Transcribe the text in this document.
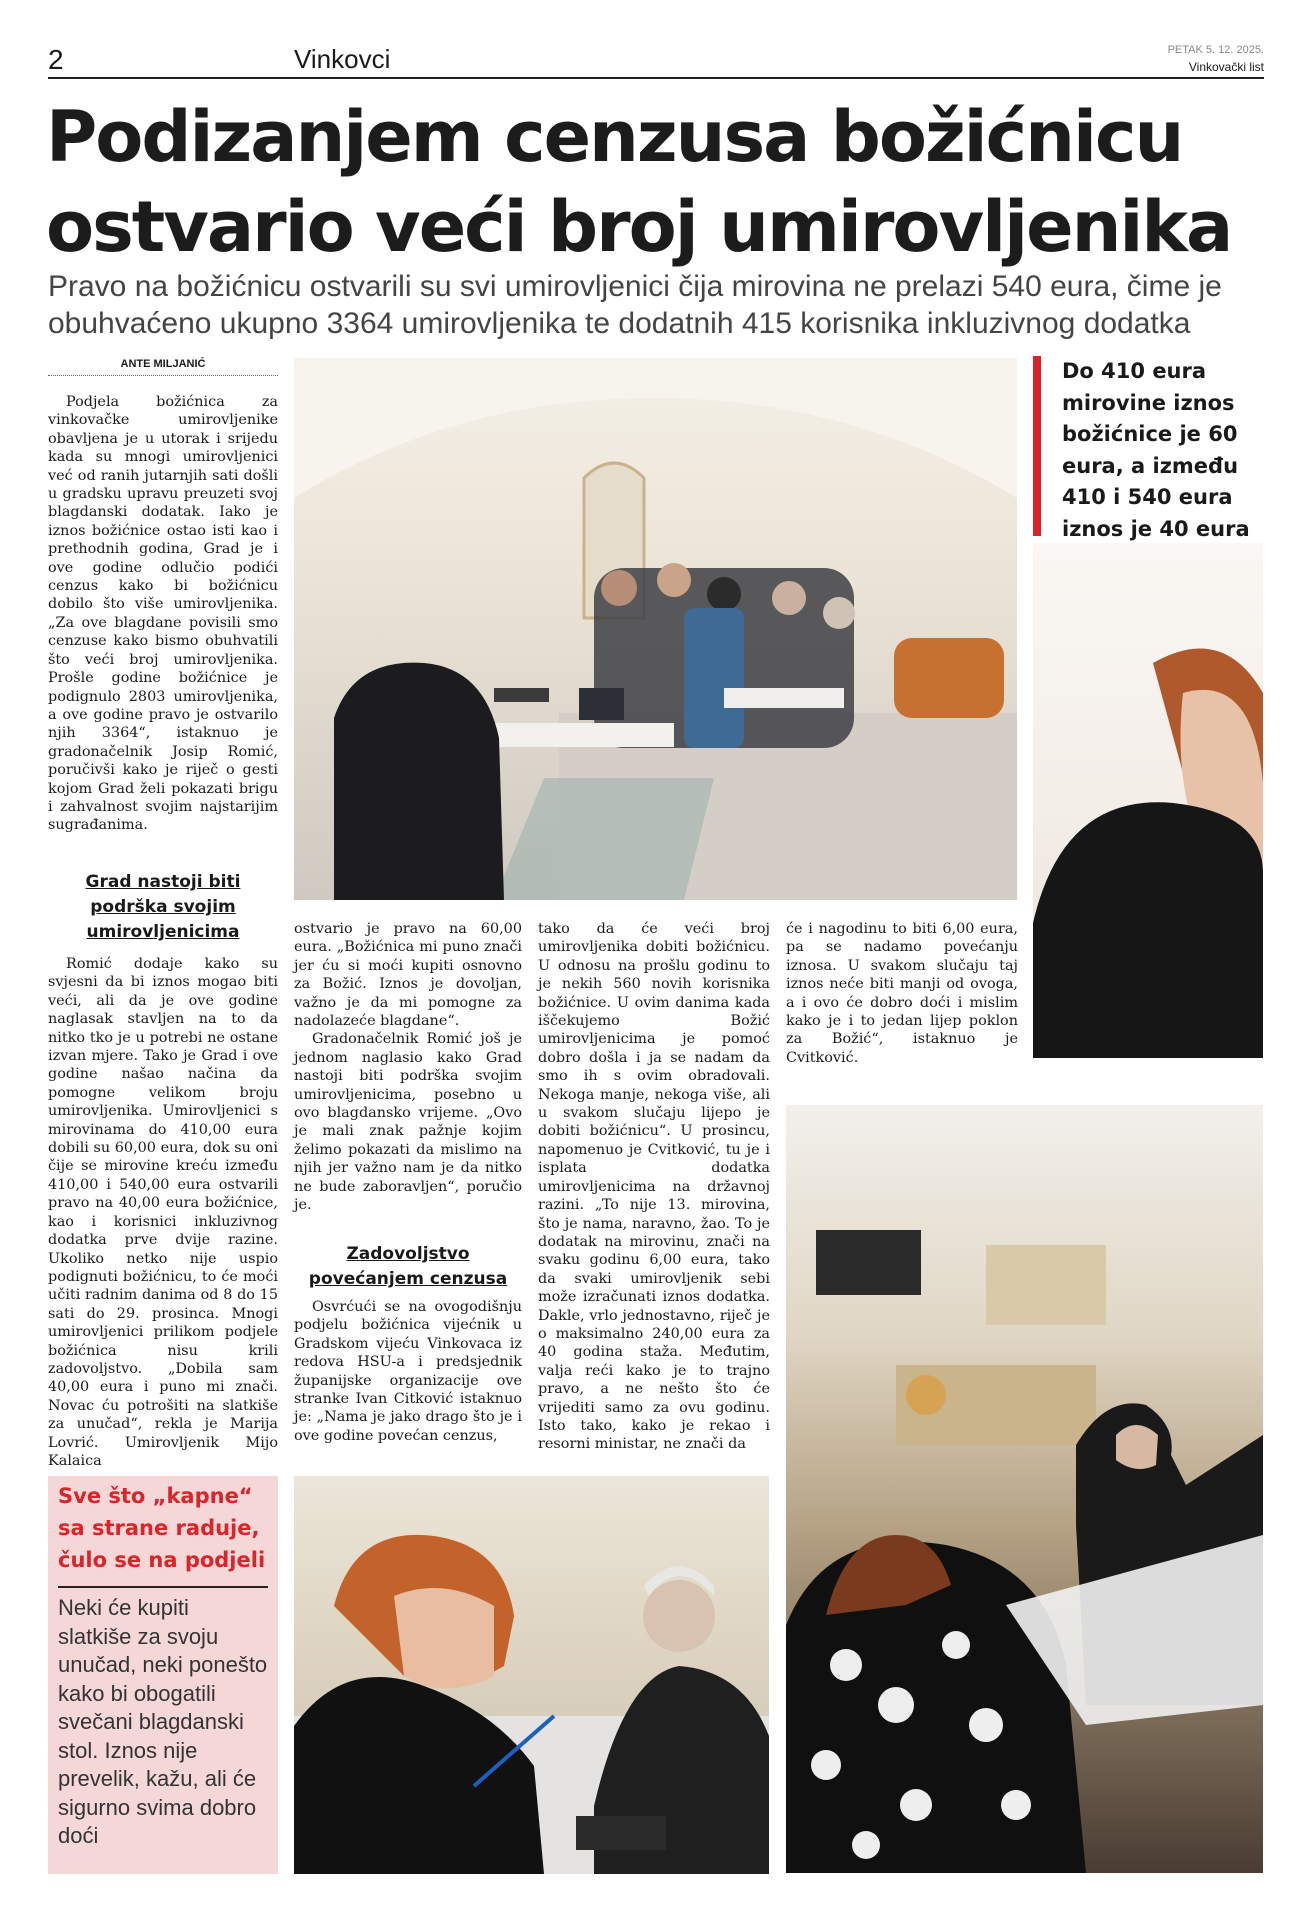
2	Vinkovci	PETAK 5. 12. 2025.
Vinkovački list
Podizanjem cenzusa božićnicu
ostvario veći broj umirovljenika

Pravo na božićnicu ostvarili su svi umirovljenici čija mirovina ne prelazi 540 eura, čime je obuhvaćeno ukupno 3364 umirovljenika te dodatnih 415 korisnika inkluzivnog dodatka

ANTE MILJANIĆ

Podjela božićnica za vinkovačke umirovljenike obavljena je u utorak i srijedu kada su mnogi umirovljenici već od ranih jutarnjih sati došli u gradsku upravu preuzeti svoj blagdanski dodatak. Iako je iznos božićnice ostao isti kao i prethodnih godina, Grad je i ove godine odlučio podići cenzus kako bi božićnicu dobilo što više umirovljenika. „Za ove blagdane povisili smo cenzuse kako bismo obuhvatili što veći broj umirovljenika. Prošle godine božićnice je podignulo 2803 umirovljenika, a ove godine pravo je ostvarilo njih 3364“, istaknuo je gradonačelnik Josip Romić, poručivši kako je riječ o gesti kojom Grad želi pokazati brigu i zahvalnost svojim najstarijim sugrađanima.

Grad nastoji biti podrška svojim umirovljenicima

Romić dodaje kako su svjesni da bi iznos mogao biti veći, ali da je ove godine naglasak stavljen na to da nitko tko je u potrebi ne ostane izvan mjere. Tako je Grad i ove godine našao načina da pomogne velikom broju umirovljenika. Umirovljenici s mirovinama do 410,00 eura dobili su 60,00 eura, dok su oni čije se mirovine kreću između 410,00 i 540,00 eura ostvarili pravo na 40,00 eura božićnice, kao i korisnici inkluzivnog dodatka prve dvije razine. Ukoliko netko nije uspio podignuti božićnicu, to će moći učiti radnim danima od 8 do 15 sati do 29. prosinca. Mnogi umirovljenici prilikom podjele božićnica nisu krili zadovoljstvo. „Dobila sam 40,00 eura i puno mi znači. Novac ću potrošiti na slatkiše za unučad“, rekla je Marija Lovrić. Umirovljenik Mijo Kalaica

ostvario je pravo na 60,00 eura. „Božićnica mi puno znači jer ću si moći kupiti osnovno za Božić. Iznos je dovoljan, važno je da mi pomogne za nadolazeće blagdane“.

Gradonačelnik Romić još je jednom naglasio kako Grad nastoji biti podrška svojim umirovljenicima, posebno u ovo blagdansko vrijeme. „Ovo je mali znak pažnje kojim želimo pokazati da mislimo na njih jer važno nam je da nitko ne bude zaboravljen“, poručio je.

Zadovoljstvo povećanjem cenzusa

Osvrćući se na ovogodišnju podjelu božićnica vijećnik u Gradskom vijeću Vinkovaca iz redova HSU-a i predsjednik županijske organizacije ove stranke Ivan Citković istaknuo je: „Nama je jako drago što je i ove godine povećan cenzus,

tako da će veći broj umirovljenika dobiti božićnicu. U odnosu na prošlu godinu to je nekih 560 novih korisnika božićnice. U ovim danima kada iščekujemo Božić umirovljenicima je pomoć dobro došla i ja se nadam da smo ih s ovim obradovali. Nekoga manje, nekoga više, ali u svakom slučaju lijepo je dobiti božićnicu“. U prosincu, napomenuo je Cvitković, tu je i isplata dodatka umirovljenicima na državnoj razini. „To nije 13. mirovina, što je nama, naravno, žao. To je dodatak na mirovinu, znači na svaku godinu 6,00 eura, tako da svaki umirovljenik sebi može izračunati iznos dodatka. Dakle, vrlo jednostavno, riječ je o maksimalno 240,00 eura za 40 godina staža. Međutim, valja reći kako je to trajno pravo, a ne nešto što će vrijediti samo za ovu godinu. Isto tako, kako je rekao i resorni ministar, ne znači da

će i nagodinu to biti 6,00 eura, pa se nadamo povećanju iznosa. U svakom slučaju taj iznos neće biti manji od ovoga, a i ovo će dobro doći i mislim kako je i to jedan lijep poklon za Božić“, istaknuo je Cvitković.

Do 410 eura mirovine iznos božićnice je 60 eura, a između 410 i 540 eura iznos je 40 eura
Sve što „kapne“ sa strane raduje, čulo se na podjeli
Neki će kupiti slatkiše za svoju unučad, neki ponešto kako bi obogatili svečani blagdanski stol. Iznos nije prevelik, kažu, ali će sigurno svima dobro doći
